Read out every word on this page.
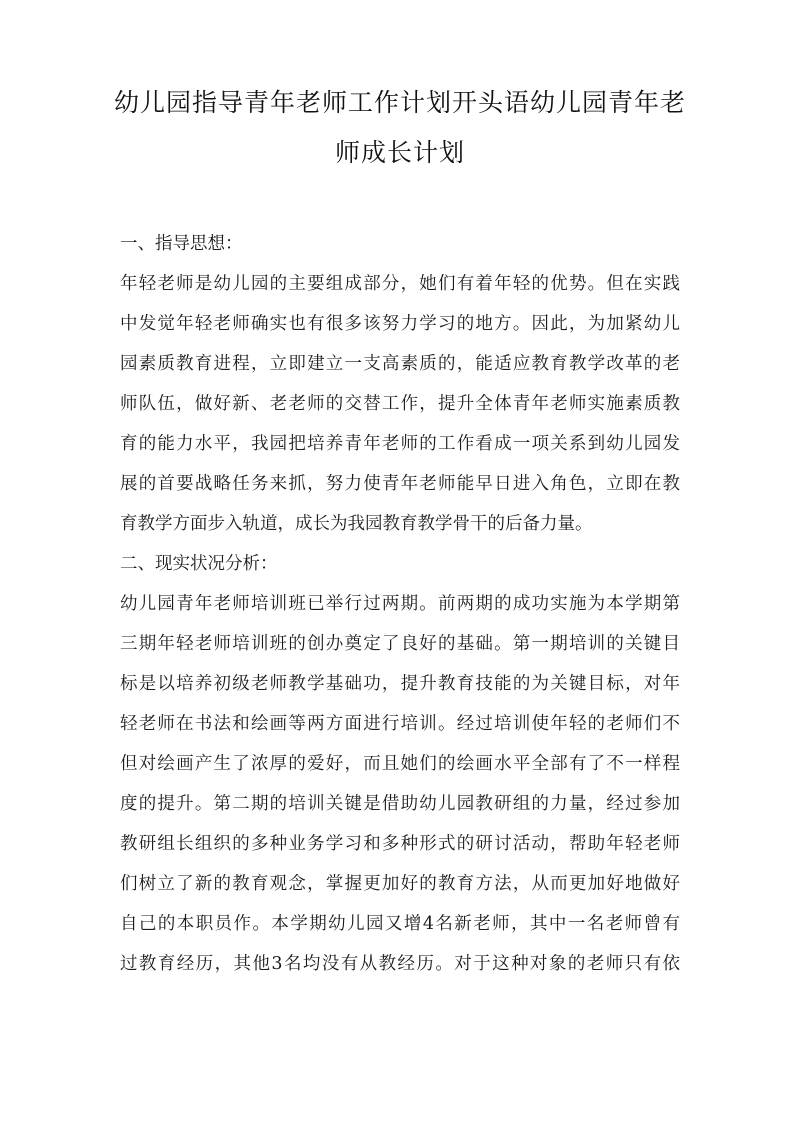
幼儿园指导青年老师工作计划开头语幼儿园青年老
师成长计划
一、指导思想：
年轻老师是幼儿园的主要组成部分，她们有着年轻的优势。但在实践
中发觉年轻老师确实也有很多该努力学习的地方。因此，为加紧幼儿
园素质教育进程，立即建立一支高素质的，能适应教育教学改革的老
师队伍，做好新、老老师的交替工作，提升全体青年老师实施素质教
育的能力水平，我园把培养青年老师的工作看成一项关系到幼儿园发
展的首要战略任务来抓，努力使青年老师能早日进入角色，立即在教
育教学方面步入轨道，成长为我园教育教学骨干的后备力量。
二、现实状况分析：
幼儿园青年老师培训班已举行过两期。前两期的成功实施为本学期第
三期年轻老师培训班的创办奠定了良好的基础。第一期培训的关键目
标是以培养初级老师教学基础功，提升教育技能的为关键目标，对年
轻老师在书法和绘画等两方面进行培训。经过培训使年轻的老师们不
但对绘画产生了浓厚的爱好，而且她们的绘画水平全部有了不一样程
度的提升。第二期的培训关键是借助幼儿园教研组的力量，经过参加
教研组长组织的多种业务学习和多种形式的研讨活动，帮助年轻老师
们树立了新的教育观念，掌握更加好的教育方法，从而更加好地做好
自己的本职员作。本学期幼儿园又增4名新老师，其中一名老师曾有
过教育经历，其他3名均没有从教经历。对于这种对象的老师只有依
